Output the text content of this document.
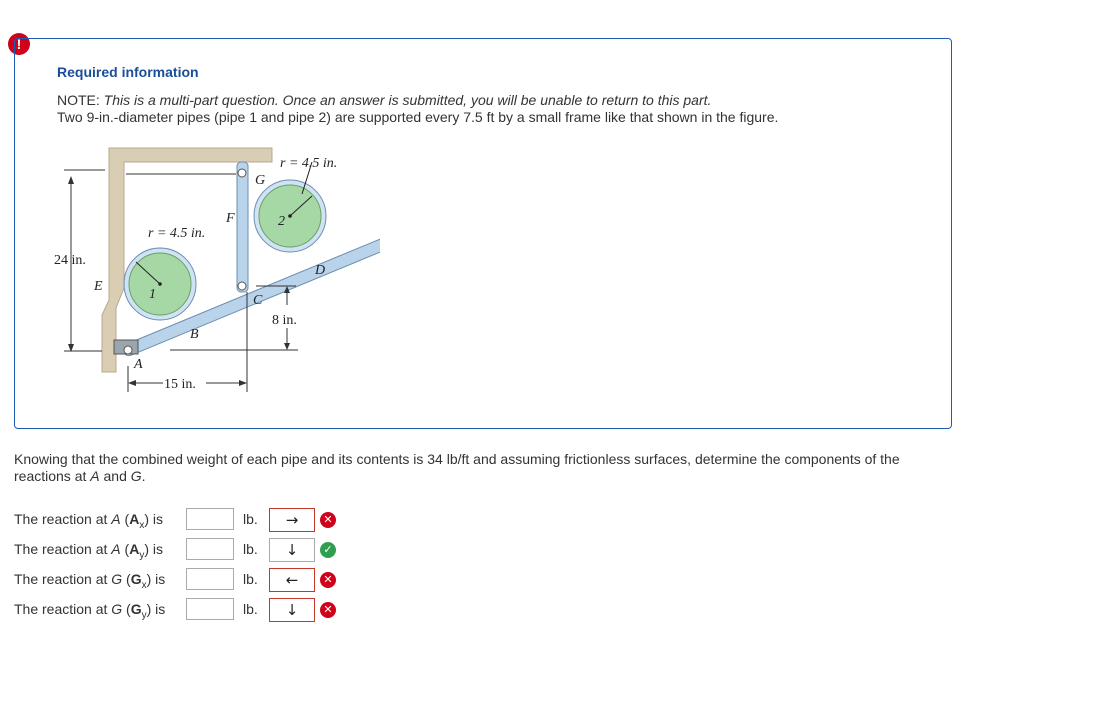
!
Required information
NOTE: This is a multi-part question. Once an answer is submitted, you will be unable to return to this part.
Two 9-in.-diameter pipes (pipe 1 and pipe 2) are supported every 7.5 ft by a small frame like that shown in the figure.
r = 4.5 in.
r = 4.5 in.
24 in.
8 in.
15 in.
E
F
G
D
C
B
A
1
2
Knowing that the combined weight of each pipe and its contents is 34 lb/ft and assuming frictionless surfaces, determine the components of the reactions at A and G.
The reaction at A $(A_x)$ is	lb.	→	✕
The reaction at A $(A_y)$ is	lb.	↓	✓
The reaction at G $(G_x)$ is	lb.	←	✕
The reaction at G $(G_y)$ is	lb.	↓	✕
